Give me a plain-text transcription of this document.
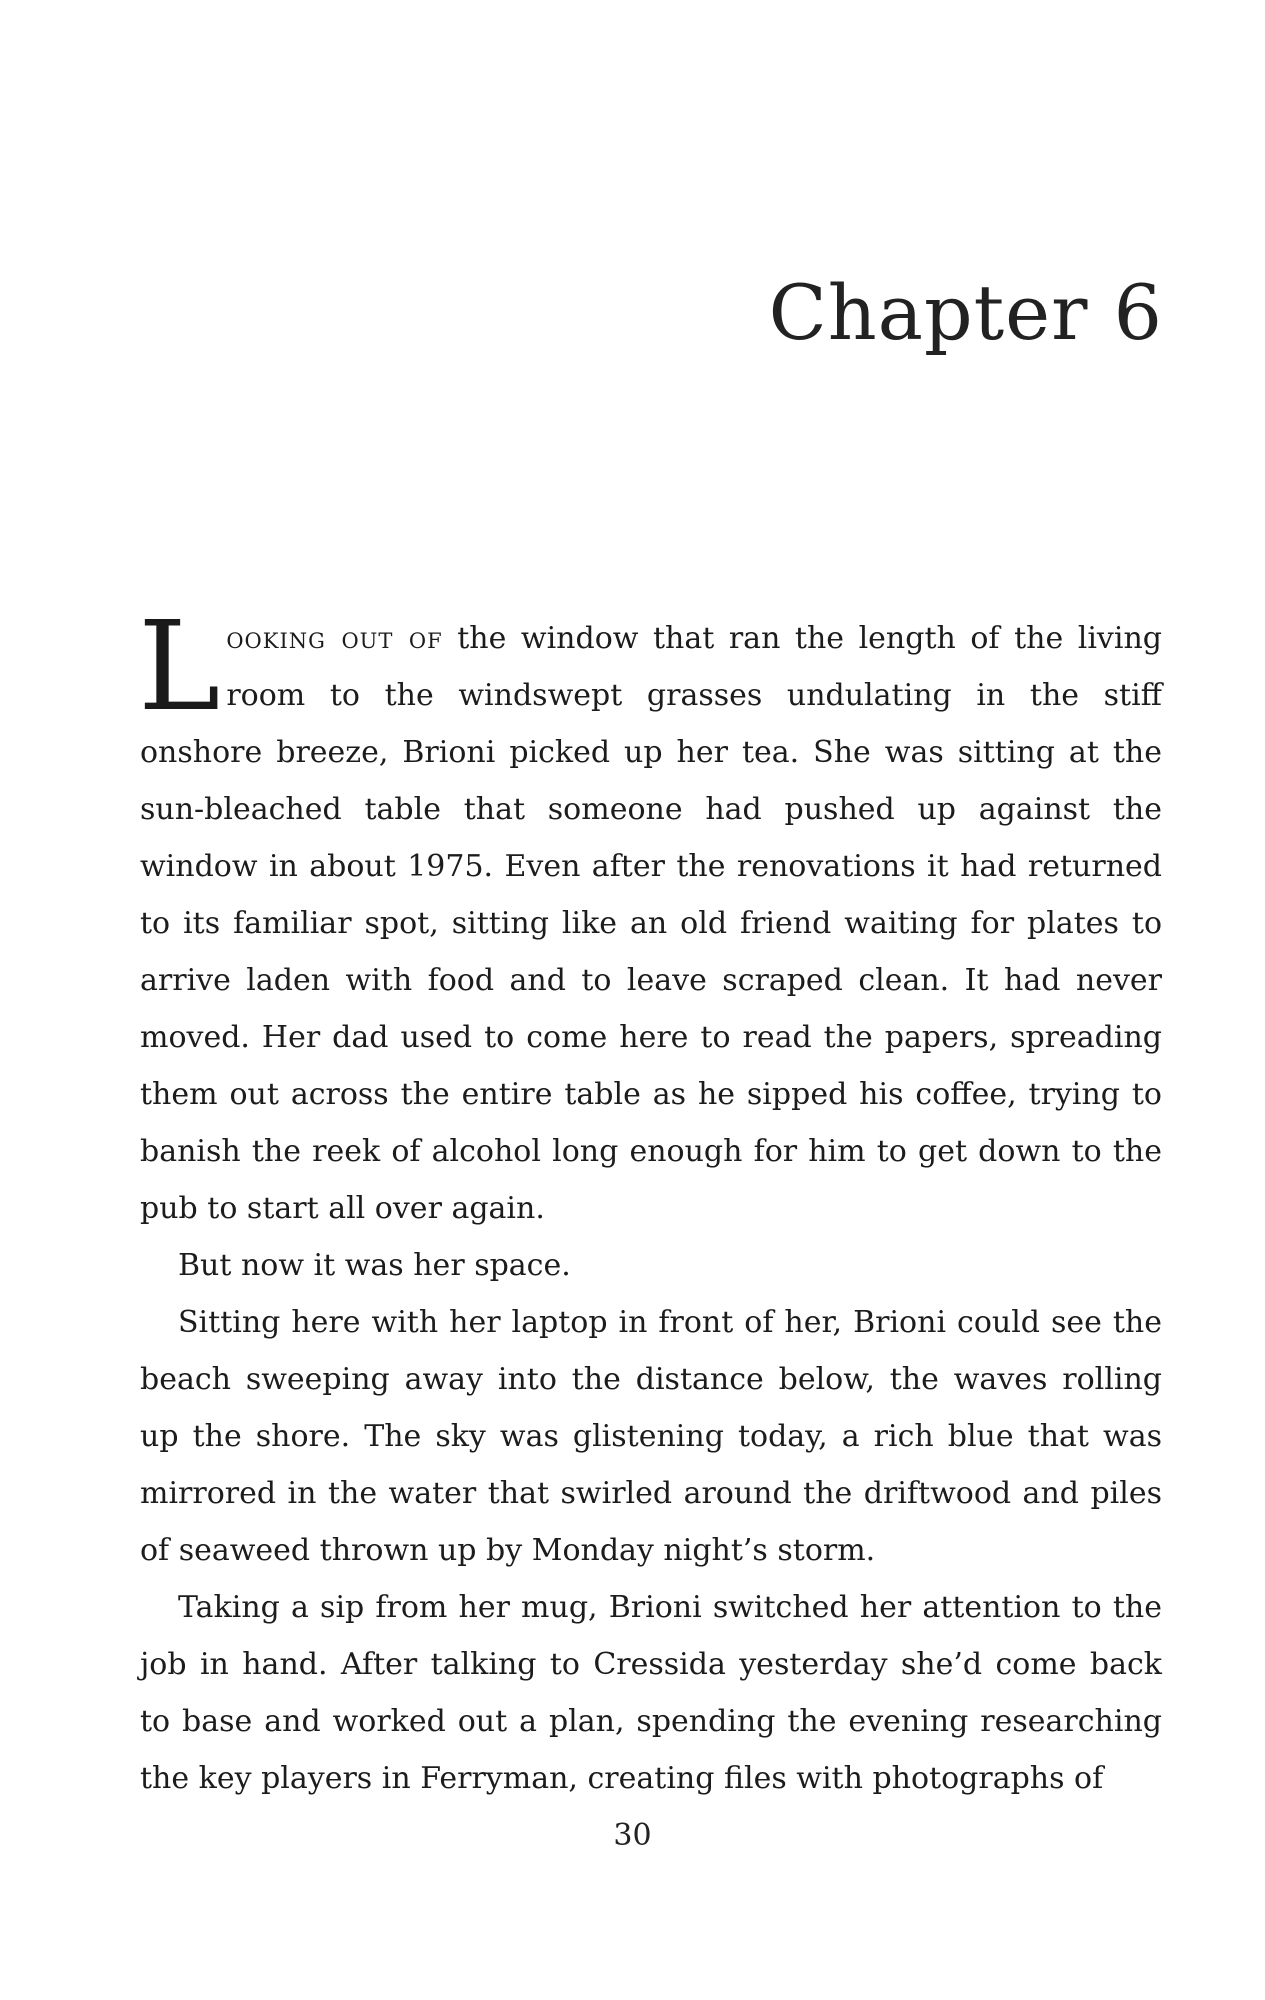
Chapter 6

Looking out of the window that ran the length of the living room to the windswept grasses undulating in the stiff onshore breeze, Brioni picked up her tea. She was sitting at the sun-bleached table that someone had pushed up against the window in about 1975. Even after the renovations it had returned to its familiar spot, sitting like an old friend waiting for plates to arrive laden with food and to leave scraped clean. It had never moved. Her dad used to come here to read the papers, spreading them out across the entire table as he sipped his coffee, trying to banish the reek of alcohol long enough for him to get down to the pub to start all over again.

But now it was her space.

Sitting here with her laptop in front of her, Brioni could see the beach sweeping away into the distance below, the waves rolling up the shore. The sky was glistening today, a rich blue that was mirrored in the water that swirled around the driftwood and piles of seaweed thrown up by Monday night’s storm.

Taking a sip from her mug, Brioni switched her attention to the job in hand. After talking to Cressida yesterday she’d come back to base and worked out a plan, spending the evening researching the key players in Ferryman, creating files with photographs of

30
